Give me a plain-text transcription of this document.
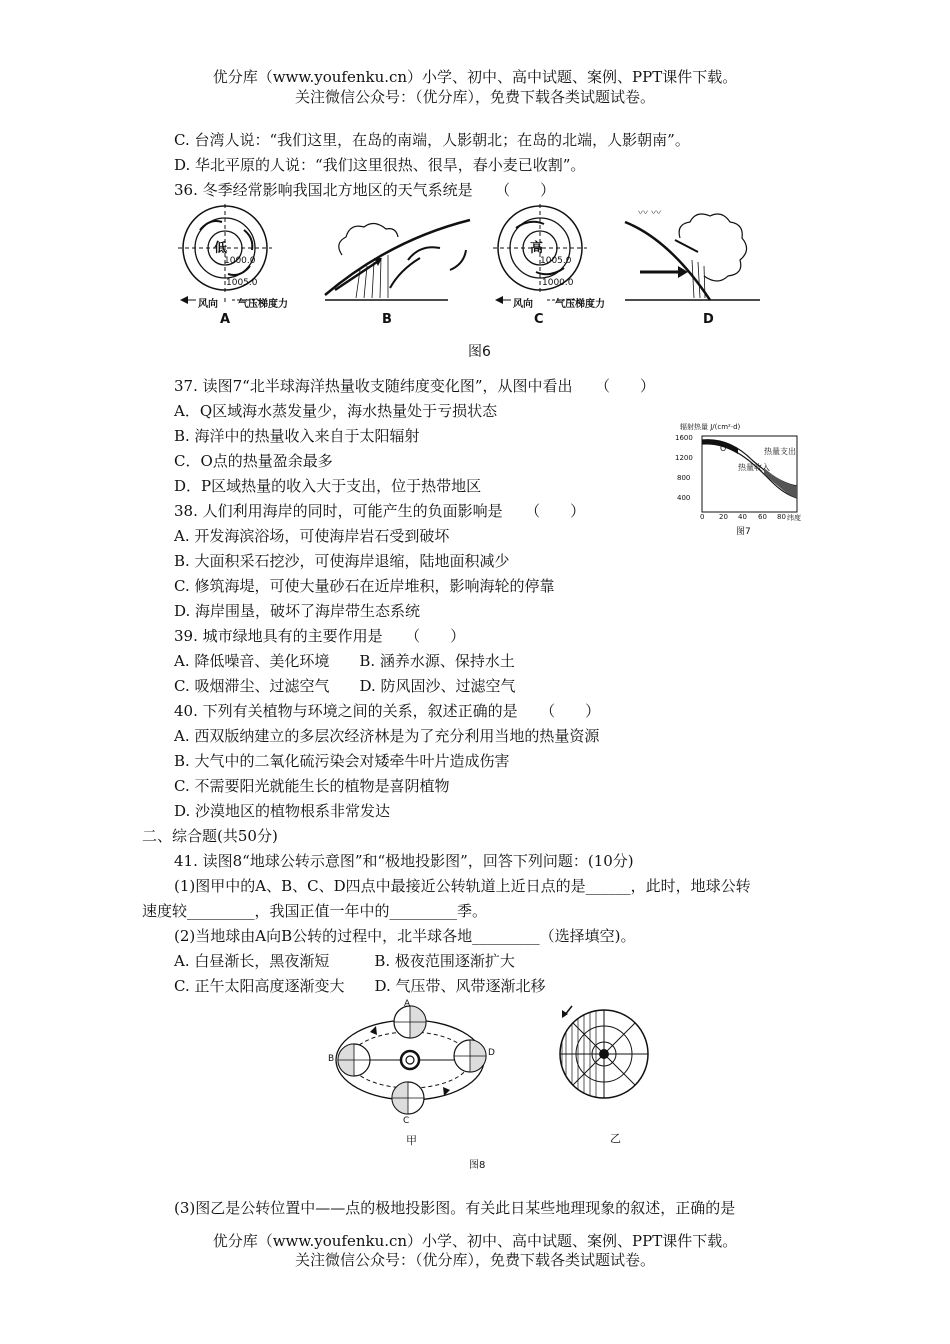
优分库（www.youfenku.cn）小学、初中、高中试题、案例、PPT课件下载。
关注微信公众号：（优分库），免费下载各类试题试卷。
C. 台湾人说：“我们这里，在岛的南端，人影朝北；在岛的北端，人影朝南”。
D. 华北平原的人说：“我们这里很热、很旱，春小麦已收割”。
36. 冬季经常影响我国北方地区的天气系统是　　（　　）
〰 〰
低	高
1000.0
1005.0
1005.0
1000.0
风向 气压梯度力	风向 气压梯度力
A	B	C	D
图6
37. 读图7“北半球海洋热量收支随纬度变化图”，从图中看出　　（　　）
A．Q区域海水蒸发量少，海水热量处于亏损状态
B. 海洋中的热量收入来自于太阳辐射
C．O点的热量盈余最多
D．P区域热量的收入大于支出，位于热带地区
辐射热量 J/(cm²·d)
1600
1200
800
400
0 20 40 60 80 纬度
热量支出
热量收入
O
图7
38. 人们利用海岸的同时，可能产生的负面影响是　　（　　）
A. 开发海滨浴场，可使海岸岩石受到破坏
B. 大面积采石挖沙，可使海岸退缩，陆地面积减少
C. 修筑海堤，可使大量砂石在近岸堆积，影响海轮的停靠
D. 海岸围垦，破坏了海岸带生态系统
39. 城市绿地具有的主要作用是　　（　　）
A. 降低噪音、美化环境　　B. 涵养水源、保持水土
C. 吸烟滞尘、过滤空气　　D. 防风固沙、过滤空气
40. 下列有关植物与环境之间的关系，叙述正确的是　　（　　）
A. 西双版纳建立的多层次经济林是为了充分利用当地的热量资源
B. 大气中的二氧化硫污染会对矮牵牛叶片造成伤害
C. 不需要阳光就能生长的植物是喜阴植物
D. 沙漠地区的植物根系非常发达
二、综合题(共50分)
41. 读图8“地球公转示意图”和“极地投影图”，回答下列问题：(10分)
(1)图甲中的A、B、C、D四点中最接近公转轨道上近日点的是______，此时，地球公转
速度较_________，我国正值一年中的_________季。
(2)当地球由A向B公转的过程中，北半球各地_________（选择填空)。
A. 白昼渐长，黑夜渐短　　　B. 极夜范围逐渐扩大
C. 正午太阳高度逐渐变大　　D. 气压带、风带逐渐北移
A
B
C
D
甲	乙
图8
(3)图乙是公转位置中——点的极地投影图。有关此日某些地理现象的叙述，正确的是
优分库（www.youfenku.cn）小学、初中、高中试题、案例、PPT课件下载。
关注微信公众号：（优分库），免费下载各类试题试卷。
